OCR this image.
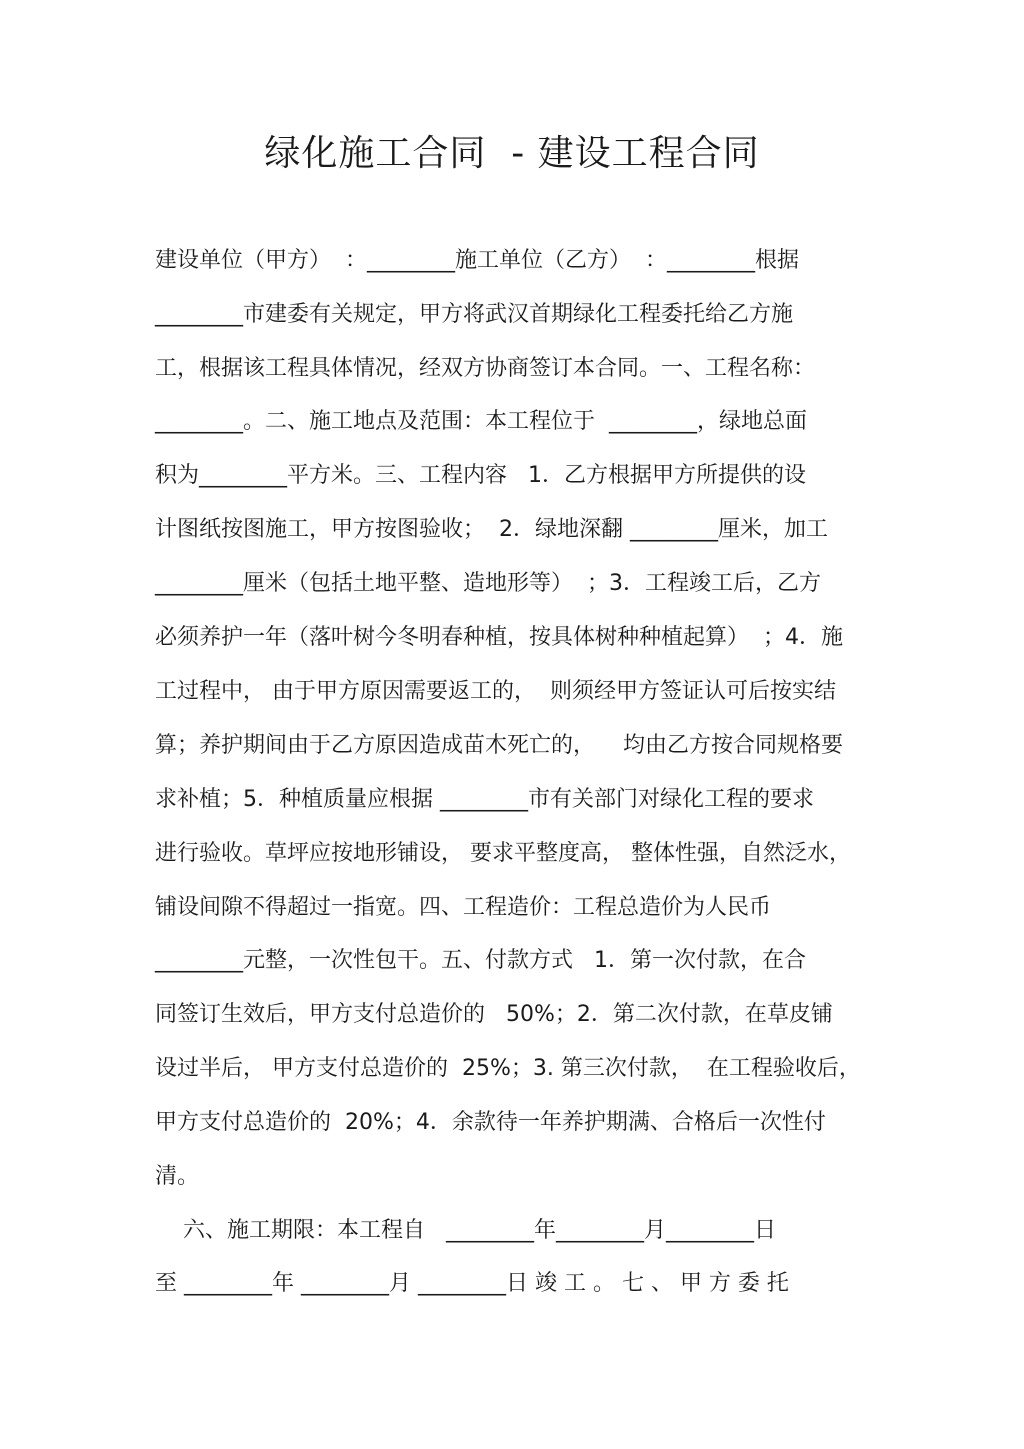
绿化施工合同  - 建设工程合同
建设单位（甲方）  ：________施工单位（乙方）  ：________根据
________市建委有关规定，甲方将武汉首期绿化工程委托给乙方施
工，根据该工程具体情况，经双方协商签订本合同。一、工程名称：
________。二、施工地点及范围：本工程位于  ________，绿地总面
积为________平方米。三、工程内容   1．乙方根据甲方所提供的设
计图纸按图施工，甲方按图验收；  2．绿地深翻 ________厘米，加工
________厘米（包括土地平整、造地形等）  ；3．工程竣工后，乙方
必须养护一年（落叶树今冬明春种植，按具体树种种植起算）  ；4．施
工过程中， 由于甲方原因需要返工的，  则须经甲方签证认可后按实结
算；养护期间由于乙方原因造成苗木死亡的，    均由乙方按合同规格要
求补植；5．种植质量应根据 ________市有关部门对绿化工程的要求
进行验收。草坪应按地形铺设， 要求平整度高， 整体性强，自然泛水，
铺设间隙不得超过一指宽。四、工程造价：工程总造价为人民币
________元整，一次性包干。五、付款方式   1．第一次付款，在合
同签订生效后，甲方支付总造价的   50%；2．第二次付款，在草皮铺
设过半后， 甲方支付总造价的  25%；3. 第三次付款，  在工程验收后，
甲方支付总造价的  20%；4．余款待一年养护期满、合格后一次性付
清。
六、施工期限：本工程自   ________年________月________日
至 ________年 ________月 ________日 竣 工 。 七 、 甲 方 委 托
